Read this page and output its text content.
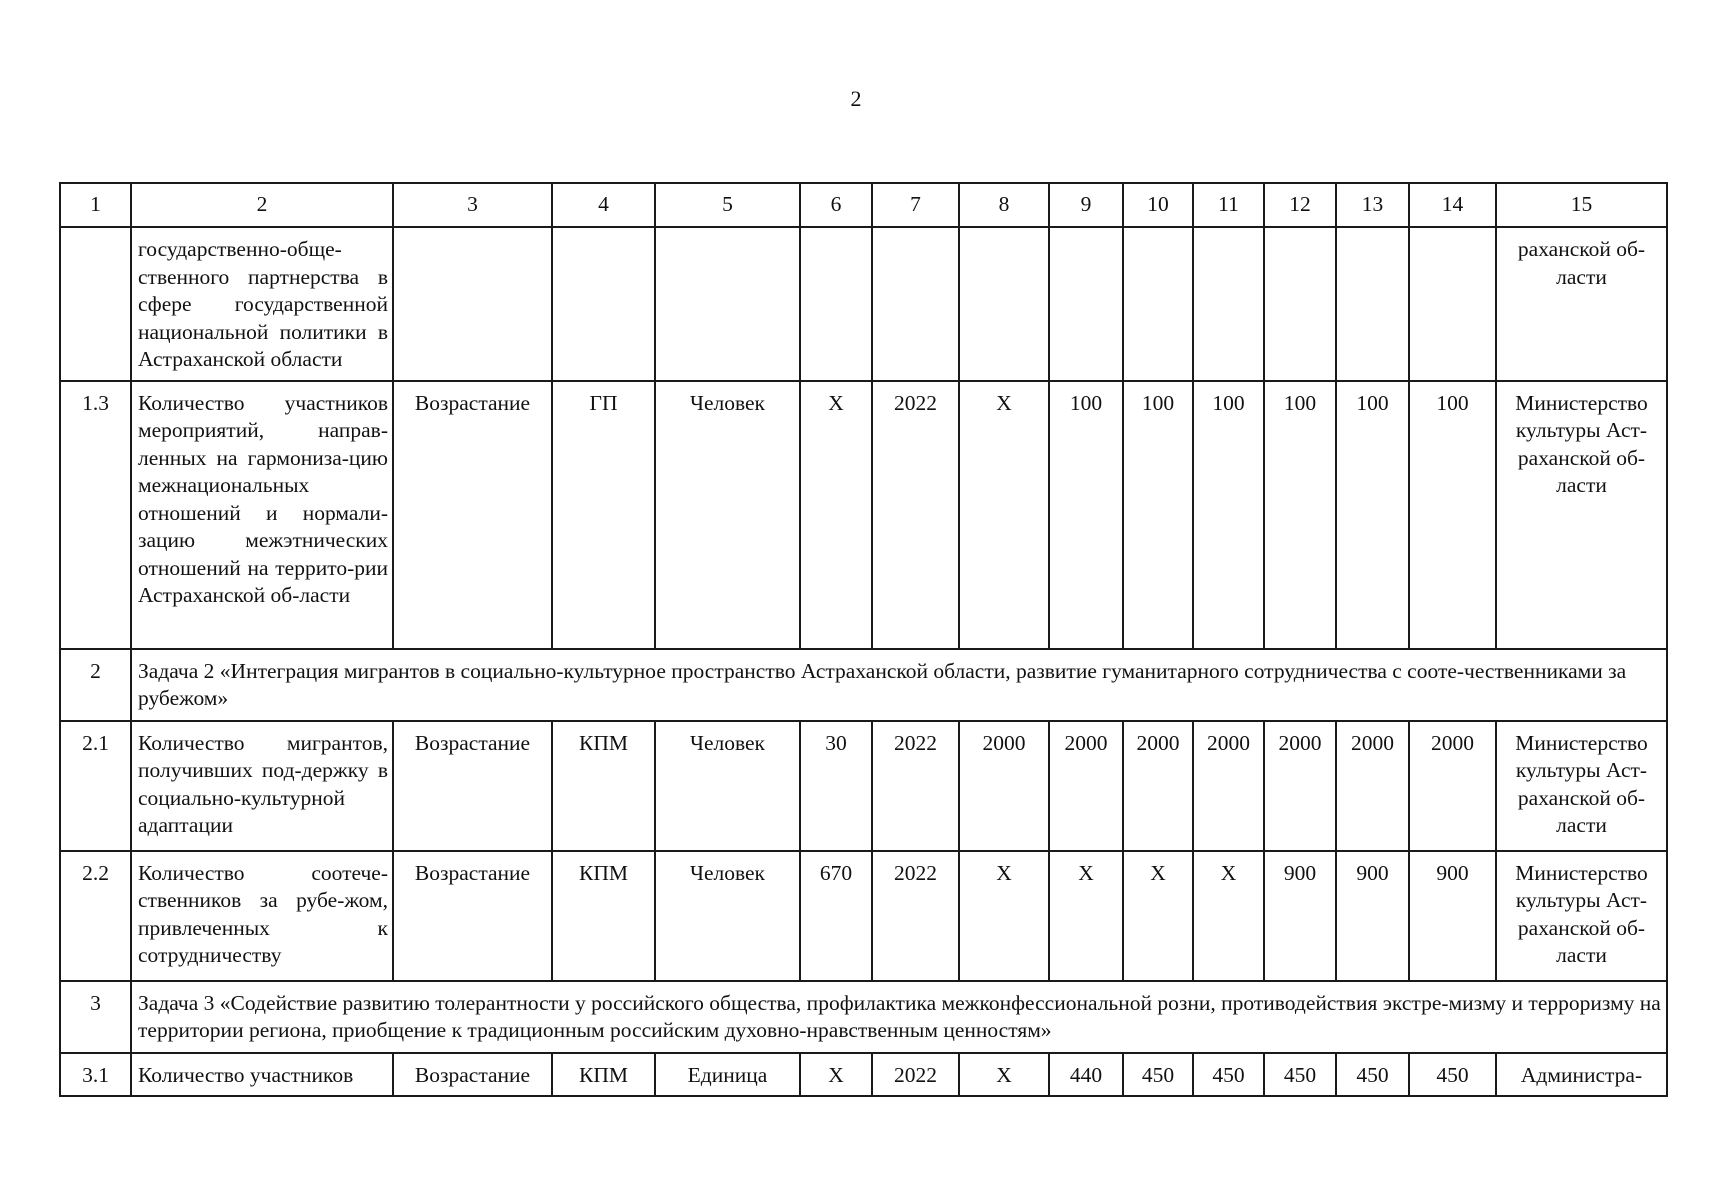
2
1	2	3	4	5	6	7	8	9	10	11	12	13	14	15
	государственно-обще-ственного партнерства в сфере государственной национальной политики в Астраханской области													раханской об-ласти
1.3	Количество участников мероприятий, направ-ленных на гармониза-цию межнациональных отношений и нормали-зацию межэтнических отношений на террито-рии Астраханской об-ласти	Возрастание	ГП	Человек	X	2022	X	100	100	100	100	100	100	Министерство культуры Аст-раханской об-ласти
2	Задача 2 «Интеграция мигрантов в социально-культурное пространство Астраханской области, развитие гуманитарного сотрудничества с сооте-чественниками за рубежом»													
2.1	Количество мигрантов, получивших под-держку в социально-культурной адаптации	Возрастание	КПМ	Человек	30	2022	2000	2000	2000	2000	2000	2000	2000	Министерство культуры Аст-раханской об-ласти
2.2	Количество соотече-ственников за рубе-жом, привлеченных к сотрудничеству	Возрастание	КПМ	Человек	670	2022	X	X	X	X	900	900	900	Министерство культуры Аст-раханской об-ласти
3	Задача 3 «Содействие развитию толерантности у российского общества, профилактика межконфессиональной розни, противодействия экстре-мизму и терроризму на территории региона, приобщение к традиционным российским духовно-нравственным ценностям»													
3.1	Количество участников	Возрастание	КПМ	Единица	X	2022	X	440	450	450	450	450	450	Администра-
